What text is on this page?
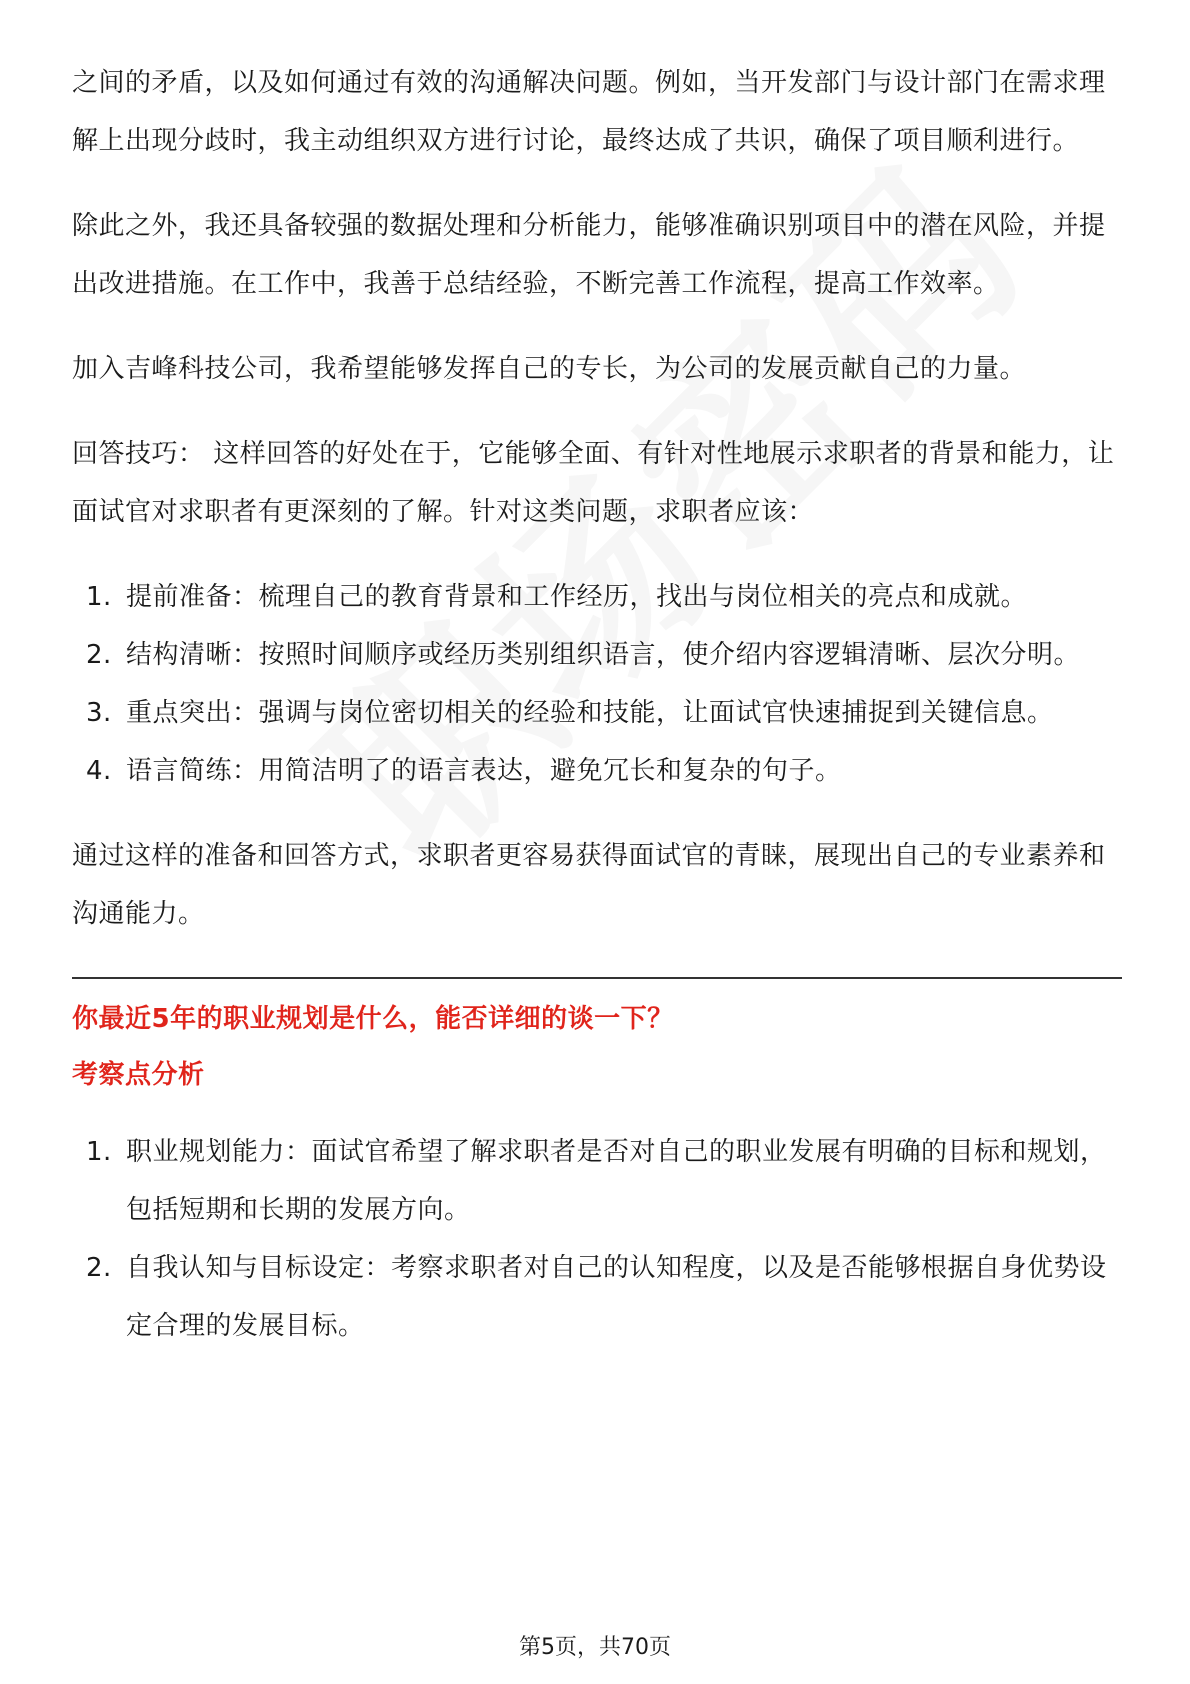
之间的矛盾，以及如何通过有效的沟通解决问题。例如，当开发部门与设计部门在需求理解上出现分歧时，我主动组织双方进行讨论，最终达成了共识，确保了项目顺利进行。

除此之外，我还具备较强的数据处理和分析能力，能够准确识别项目中的潜在风险，并提出改进措施。在工作中，我善于总结经验，不断完善工作流程，提高工作效率。

加入吉峰科技公司，我希望能够发挥自己的专长，为公司的发展贡献自己的力量。

回答技巧： 这样回答的好处在于，它能够全面、有针对性地展示求职者的背景和能力，让面试官对求职者有更深刻的了解。针对这类问题，求职者应该：

1. 提前准备：梳理自己的教育背景和工作经历，找出与岗位相关的亮点和成就。
2. 结构清晰：按照时间顺序或经历类别组织语言，使介绍内容逻辑清晰、层次分明。
3. 重点突出：强调与岗位密切相关的经验和技能，让面试官快速捕捉到关键信息。
4. 语言简练：用简洁明了的语言表达，避免冗长和复杂的句子。

通过这样的准备和回答方式，求职者更容易获得面试官的青睐，展现出自己的专业素养和沟通能力。

你最近5年的职业规划是什么，能否详细的谈一下？
考察点分析
1. 职业规划能力：面试官希望了解求职者是否对自己的职业发展有明确的目标和规划，包括短期和长期的发展方向。
2. 自我认知与目标设定：考察求职者对自己的认知程度，以及是否能够根据自身优势设定合理的发展目标。
第5页，共70页
